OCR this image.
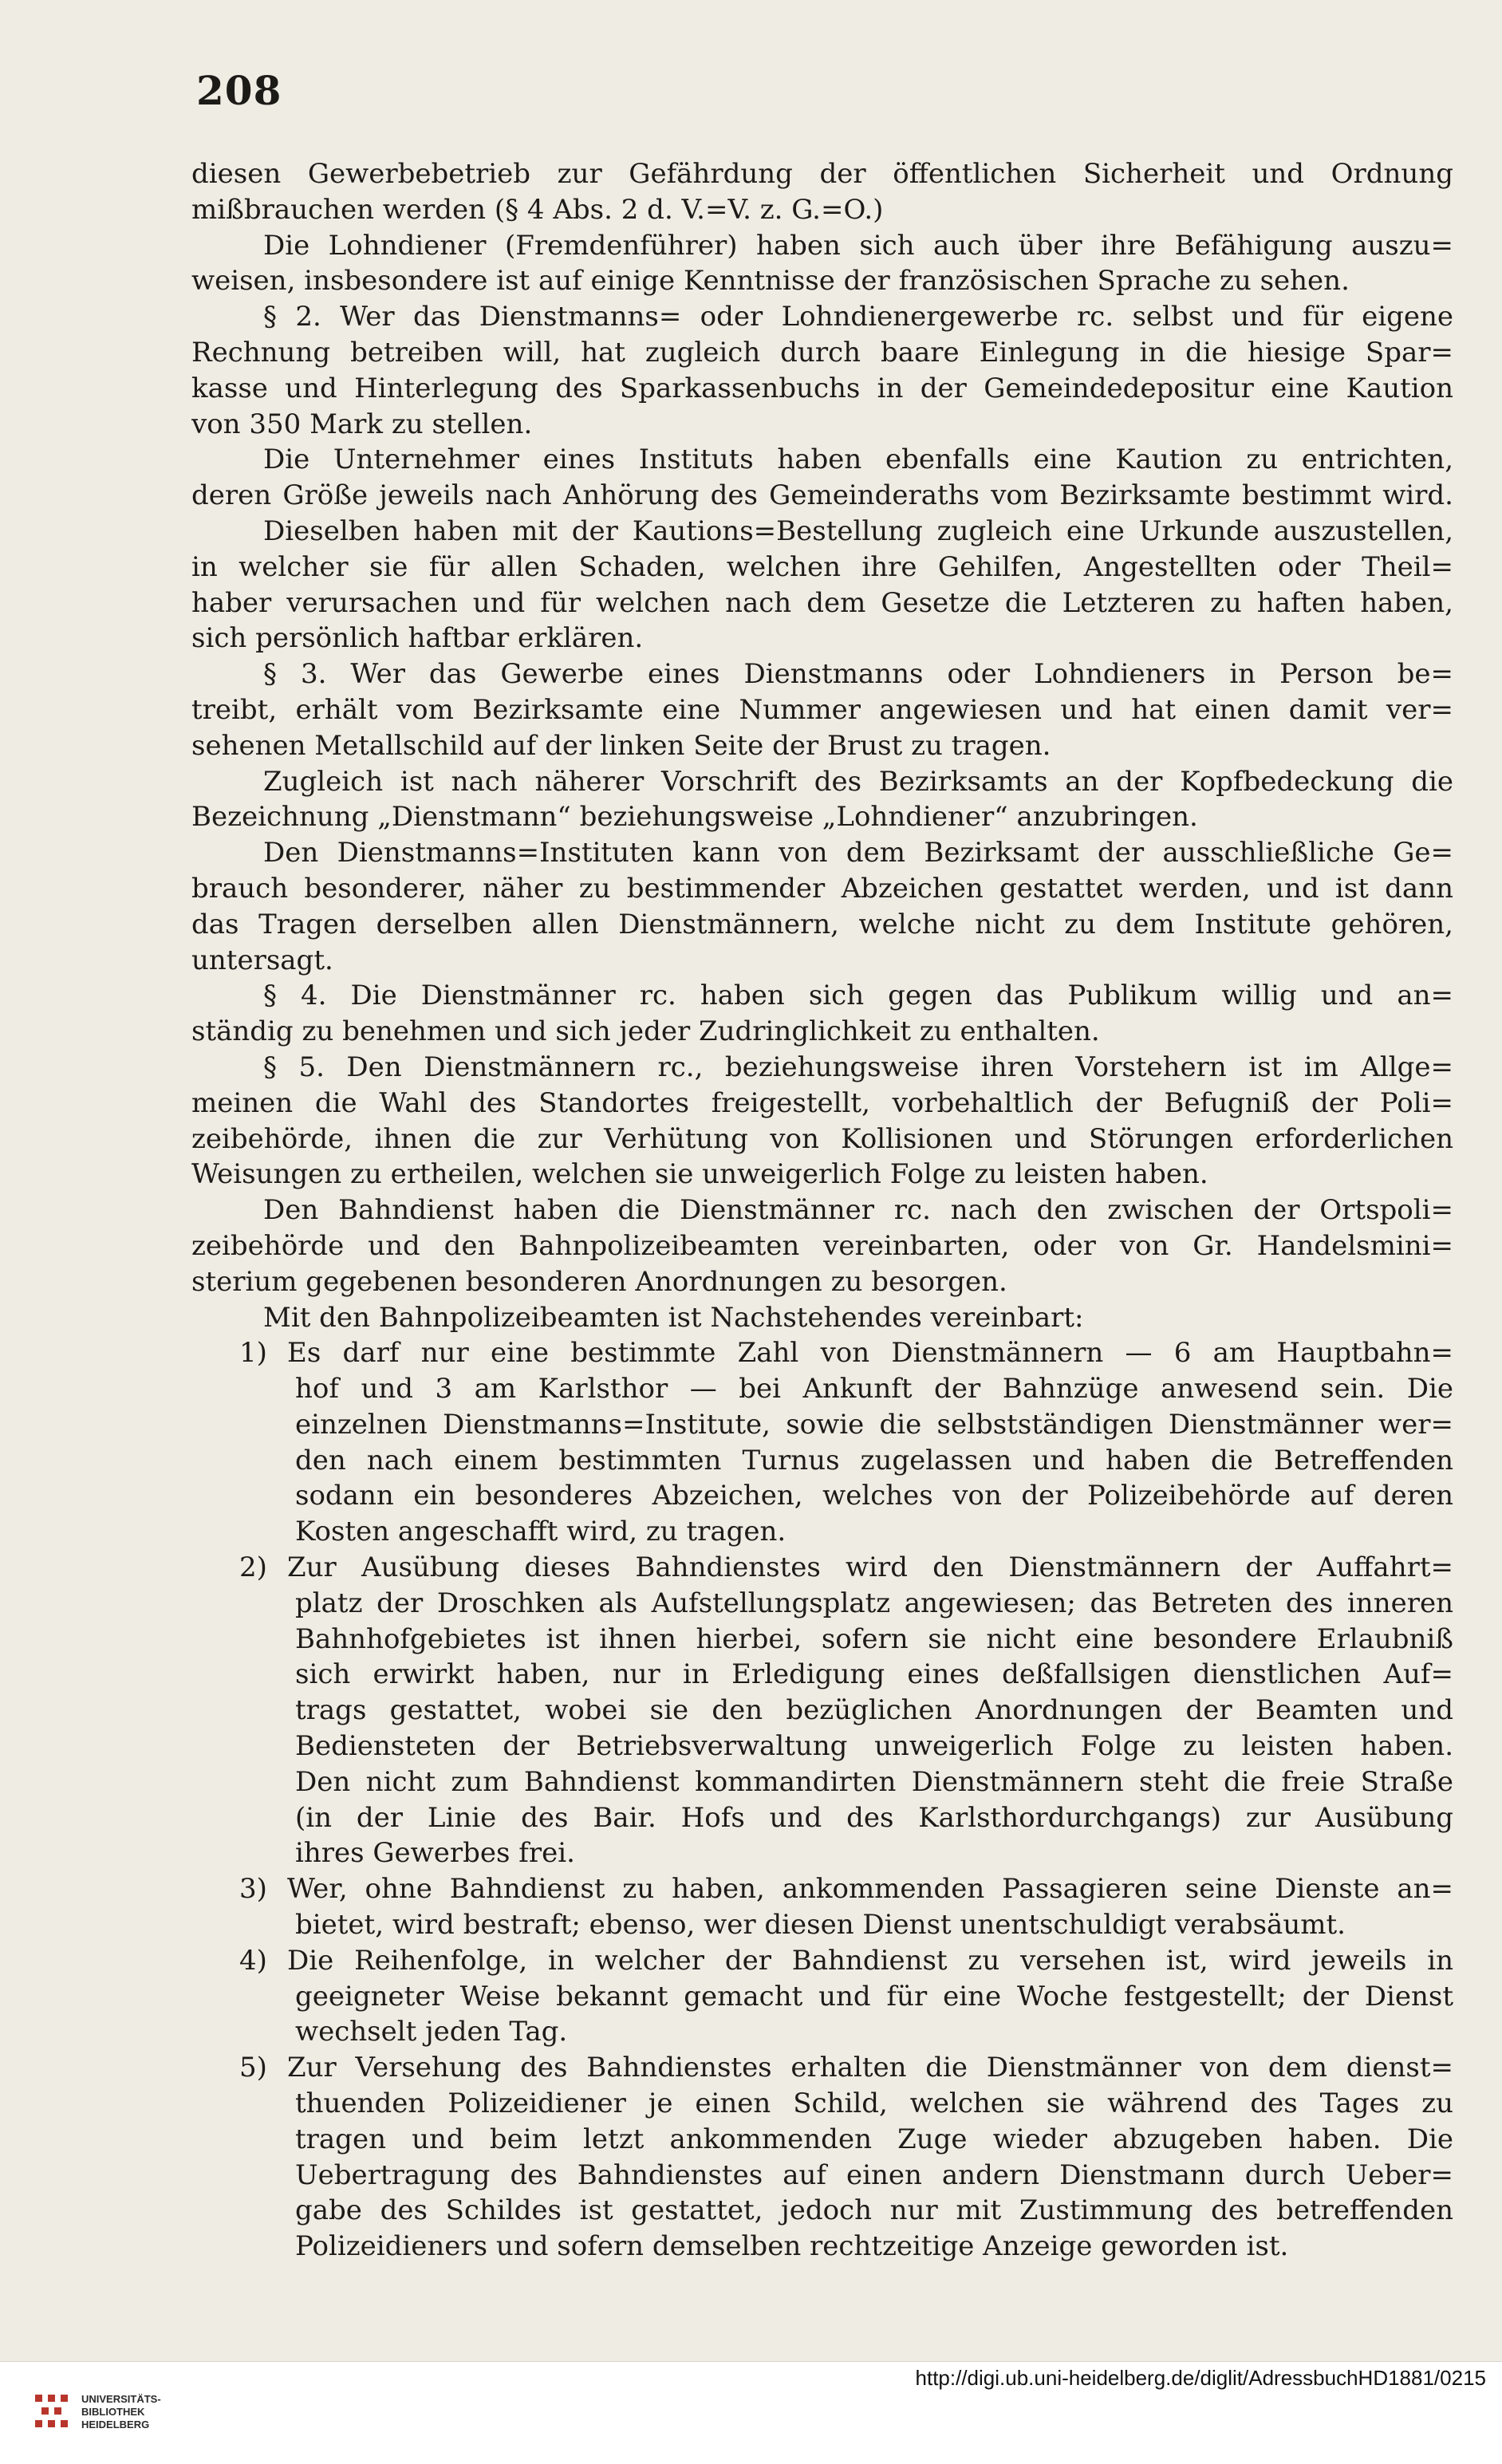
208
diesen Gewerbebetrieb zur Gefährdung der öffentlichen Sicherheit und Ordnung
mißbrauchen werden (§ 4 Abs. 2 d. V.=V. z. G.=O.)
Die Lohndiener (Fremdenführer) haben sich auch über ihre Befähigung auszu=
weisen, insbesondere ist auf einige Kenntnisse der französischen Sprache zu sehen.
§ 2. Wer das Dienstmanns= oder Lohndienergewerbe rc. selbst und für eigene
Rechnung betreiben will, hat zugleich durch baare Einlegung in die hiesige Spar=
kasse und Hinterlegung des Sparkassenbuchs in der Gemeindedepositur eine Kaution
von 350 Mark zu stellen.
Die Unternehmer eines Instituts haben ebenfalls eine Kaution zu entrichten,
deren Größe jeweils nach Anhörung des Gemeinderaths vom Bezirksamte bestimmt wird.
Dieselben haben mit der Kautions=Bestellung zugleich eine Urkunde auszustellen,
in welcher sie für allen Schaden, welchen ihre Gehilfen, Angestellten oder Theil=
haber verursachen und für welchen nach dem Gesetze die Letzteren zu haften haben,
sich persönlich haftbar erklären.
§ 3. Wer das Gewerbe eines Dienstmanns oder Lohndieners in Person be=
treibt, erhält vom Bezirksamte eine Nummer angewiesen und hat einen damit ver=
sehenen Metallschild auf der linken Seite der Brust zu tragen.
Zugleich ist nach näherer Vorschrift des Bezirksamts an der Kopfbedeckung die
Bezeichnung „Dienstmann“ beziehungsweise „Lohndiener“ anzubringen.
Den Dienstmanns=Instituten kann von dem Bezirksamt der ausschließliche Ge=
brauch besonderer, näher zu bestimmender Abzeichen gestattet werden, und ist dann
das Tragen derselben allen Dienstmännern, welche nicht zu dem Institute gehören,
untersagt.
§ 4. Die Dienstmänner rc. haben sich gegen das Publikum willig und an=
ständig zu benehmen und sich jeder Zudringlichkeit zu enthalten.
§ 5. Den Dienstmännern rc., beziehungsweise ihren Vorstehern ist im Allge=
meinen die Wahl des Standortes freigestellt, vorbehaltlich der Befugniß der Poli=
zeibehörde, ihnen die zur Verhütung von Kollisionen und Störungen erforderlichen
Weisungen zu ertheilen, welchen sie unweigerlich Folge zu leisten haben.
Den Bahndienst haben die Dienstmänner rc. nach den zwischen der Ortspoli=
zeibehörde und den Bahnpolizeibeamten vereinbarten, oder von Gr. Handelsmini=
sterium gegebenen besonderen Anordnungen zu besorgen.
Mit den Bahnpolizeibeamten ist Nachstehendes vereinbart:
1) Es darf nur eine bestimmte Zahl von Dienstmännern — 6 am Hauptbahn=
hof und 3 am Karlsthor — bei Ankunft der Bahnzüge anwesend sein. Die
einzelnen Dienstmanns=Institute, sowie die selbstständigen Dienstmänner wer=
den nach einem bestimmten Turnus zugelassen und haben die Betreffenden
sodann ein besonderes Abzeichen, welches von der Polizeibehörde auf deren
Kosten angeschafft wird, zu tragen.
2) Zur Ausübung dieses Bahndienstes wird den Dienstmännern der Auffahrt=
platz der Droschken als Aufstellungsplatz angewiesen; das Betreten des inneren
Bahnhofgebietes ist ihnen hierbei, sofern sie nicht eine besondere Erlaubniß
sich erwirkt haben, nur in Erledigung eines deßfallsigen dienstlichen Auf=
trags gestattet, wobei sie den bezüglichen Anordnungen der Beamten und
Bediensteten der Betriebsverwaltung unweigerlich Folge zu leisten haben.
Den nicht zum Bahndienst kommandirten Dienstmännern steht die freie Straße
(in der Linie des Bair. Hofs und des Karlsthordurchgangs) zur Ausübung
ihres Gewerbes frei.
3) Wer, ohne Bahndienst zu haben, ankommenden Passagieren seine Dienste an=
bietet, wird bestraft; ebenso, wer diesen Dienst unentschuldigt verabsäumt.
4) Die Reihenfolge, in welcher der Bahndienst zu versehen ist, wird jeweils in
geeigneter Weise bekannt gemacht und für eine Woche festgestellt; der Dienst
wechselt jeden Tag.
5) Zur Versehung des Bahndienstes erhalten die Dienstmänner von dem dienst=
thuenden Polizeidiener je einen Schild, welchen sie während des Tages zu
tragen und beim letzt ankommenden Zuge wieder abzugeben haben. Die
Uebertragung des Bahndienstes auf einen andern Dienstmann durch Ueber=
gabe des Schildes ist gestattet, jedoch nur mit Zustimmung des betreffenden
Polizeidieners und sofern demselben rechtzeitige Anzeige geworden ist.
UNIVERSITÄTS-
BIBLIOTHEK
HEIDELBERG
http://digi.ub.uni-heidelberg.de/diglit/AdressbuchHD1881/0215
